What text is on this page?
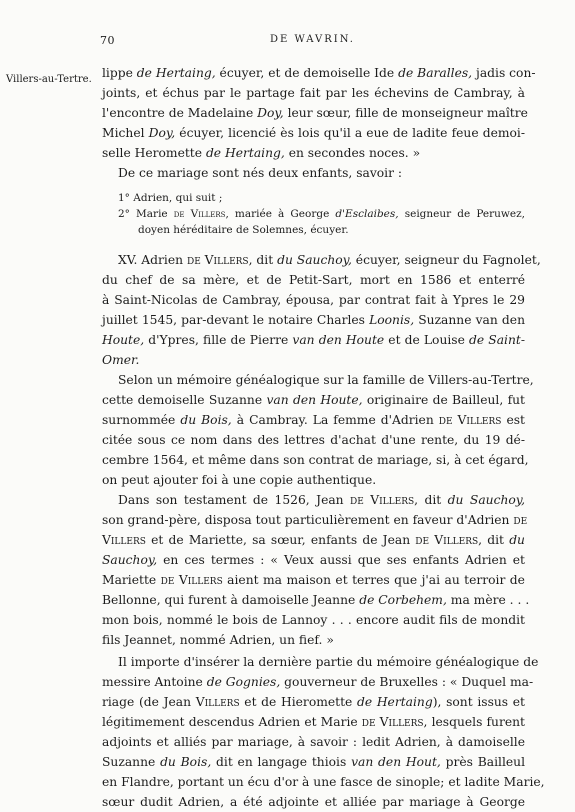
70	DE WAVRIN.
Villers-au-Tertre. lippe de Hertaing, écuyer, et de demoiselle Ide de Baralles, jadis con-
joints, et échus par le partage fait par les échevins de Cambray, à
l'encontre de Madelaine Doy, leur sœur, fille de monseigneur maître
Michel Doy, écuyer, licencié ès lois qu'il a eue de ladite feue demoi-
selle Heromette de Hertaing, en secondes noces. »
De ce mariage sont nés deux enfants, savoir :
1° Adrien, qui suit ;
2° Marie de Villers, mariée à George d'Esclaibes, seigneur de Peruwez,
doyen héréditaire de Solemnes, écuyer.
XV. Adrien de Villers, dit du Sauchoy, écuyer, seigneur du Fagnolet,
du chef de sa mère, et de Petit-Sart, mort en 1586 et enterré
à Saint-Nicolas de Cambray, épousa, par contrat fait à Ypres le 29
juillet 1545, par-devant le notaire Charles Loonis, Suzanne van den
Houte, d'Ypres, fille de Pierre van den Houte et de Louise de Saint-
Omer.
Selon un mémoire généalogique sur la famille de Villers-au-Tertre,
cette demoiselle Suzanne van den Houte, originaire de Bailleul, fut
surnommée du Bois, à Cambray. La femme d'Adrien de Villers est
citée sous ce nom dans des lettres d'achat d'une rente, du 19 dé-
cembre 1564, et même dans son contrat de mariage, si, à cet égard,
on peut ajouter foi à une copie authentique.
Dans son testament de 1526, Jean de Villers, dit du Sauchoy,
son grand-père, disposa tout particulièrement en faveur d'Adrien de
Villers et de Mariette, sa sœur, enfants de Jean de Villers, dit du
Sauchoy, en ces termes : « Veux aussi que ses enfants Adrien et
Mariette de Villers aient ma maison et terres que j'ai au terroir de
Bellonne, qui furent à damoiselle Jeanne de Corbehem, ma mère . . .
mon bois, nommé le bois de Lannoy . . . encore audit fils de mondit
fils Jeannet, nommé Adrien, un fief. »
Il importe d'insérer la dernière partie du mémoire généalogique de
messire Antoine de Gognies, gouverneur de Bruxelles : « Duquel ma-
riage (de Jean Villers et de Hieromette de Hertaing), sont issus et
légitimement descendus Adrien et Marie de Villers, lesquels furent
adjoints et alliés par mariage, à savoir : ledit Adrien, à damoiselle
Suzanne du Bois, dit en langage thiois van den Hout, près Bailleul
en Flandre, portant un écu d'or à une fasce de sinople; et ladite Marie,
sœur dudit Adrien, a été adjointe et alliée par mariage à George
